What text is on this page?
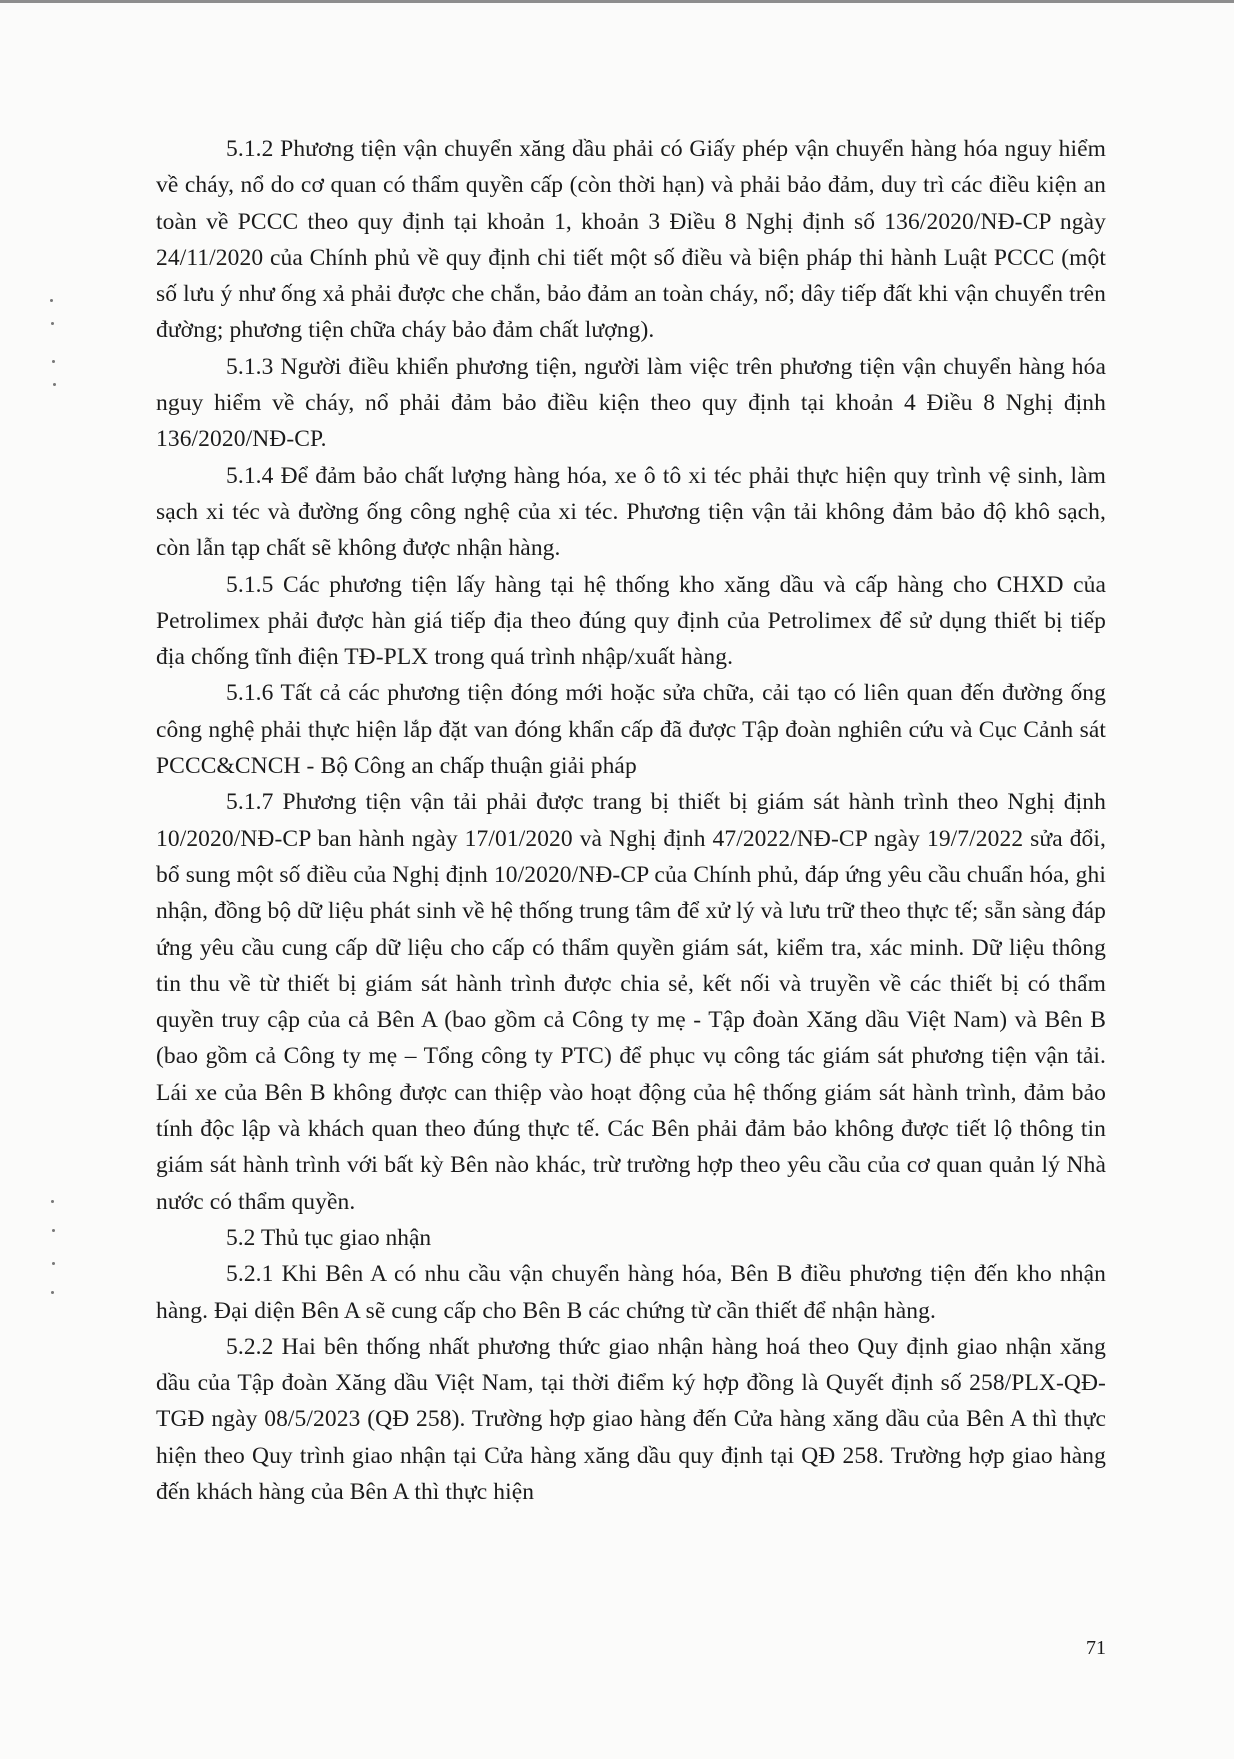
5.1.2 Phương tiện vận chuyển xăng dầu phải có Giấy phép vận chuyển hàng hóa nguy hiểm về cháy, nổ do cơ quan có thẩm quyền cấp (còn thời hạn) và phải bảo đảm, duy trì các điều kiện an toàn về PCCC theo quy định tại khoản 1, khoản 3 Điều 8 Nghị định số 136/2020/NĐ-CP ngày 24/11/2020 của Chính phủ về quy định chi tiết một số điều và biện pháp thi hành Luật PCCC (một số lưu ý như ống xả phải được che chắn, bảo đảm an toàn cháy, nổ; dây tiếp đất khi vận chuyển trên đường; phương tiện chữa cháy bảo đảm chất lượng).

5.1.3 Người điều khiển phương tiện, người làm việc trên phương tiện vận chuyển hàng hóa nguy hiểm về cháy, nổ phải đảm bảo điều kiện theo quy định tại khoản 4 Điều 8 Nghị định 136/2020/NĐ-CP.

5.1.4 Để đảm bảo chất lượng hàng hóa, xe ô tô xi téc phải thực hiện quy trình vệ sinh, làm sạch xi téc và đường ống công nghệ của xi téc. Phương tiện vận tải không đảm bảo độ khô sạch, còn lẫn tạp chất sẽ không được nhận hàng.

5.1.5 Các phương tiện lấy hàng tại hệ thống kho xăng dầu và cấp hàng cho CHXD của Petrolimex phải được hàn giá tiếp địa theo đúng quy định của Petrolimex để sử dụng thiết bị tiếp địa chống tĩnh điện TĐ-PLX trong quá trình nhập/xuất hàng.

5.1.6 Tất cả các phương tiện đóng mới hoặc sửa chữa, cải tạo có liên quan đến đường ống công nghệ phải thực hiện lắp đặt van đóng khẩn cấp đã được Tập đoàn nghiên cứu và Cục Cảnh sát PCCC&CNCH - Bộ Công an chấp thuận giải pháp

5.1.7 Phương tiện vận tải phải được trang bị thiết bị giám sát hành trình theo Nghị định 10/2020/NĐ-CP ban hành ngày 17/01/2020 và Nghị định 47/2022/NĐ-CP ngày 19/7/2022 sửa đổi, bổ sung một số điều của Nghị định 10/2020/NĐ-CP của Chính phủ, đáp ứng yêu cầu chuẩn hóa, ghi nhận, đồng bộ dữ liệu phát sinh về hệ thống trung tâm để xử lý và lưu trữ theo thực tế; sẵn sàng đáp ứng yêu cầu cung cấp dữ liệu cho cấp có thẩm quyền giám sát, kiểm tra, xác minh. Dữ liệu thông tin thu về từ thiết bị giám sát hành trình được chia sẻ, kết nối và truyền về các thiết bị có thẩm quyền truy cập của cả Bên A (bao gồm cả Công ty mẹ - Tập đoàn Xăng dầu Việt Nam) và Bên B (bao gồm cả Công ty mẹ – Tổng công ty PTC) để phục vụ công tác giám sát phương tiện vận tải. Lái xe của Bên B không được can thiệp vào hoạt động của hệ thống giám sát hành trình, đảm bảo tính độc lập và khách quan theo đúng thực tế. Các Bên phải đảm bảo không được tiết lộ thông tin giám sát hành trình với bất kỳ Bên nào khác, trừ trường hợp theo yêu cầu của cơ quan quản lý Nhà nước có thẩm quyền.

5.2 Thủ tục giao nhận

5.2.1 Khi Bên A có nhu cầu vận chuyển hàng hóa, Bên B điều phương tiện đến kho nhận hàng. Đại diện Bên A sẽ cung cấp cho Bên B các chứng từ cần thiết để nhận hàng.

5.2.2 Hai bên thống nhất phương thức giao nhận hàng hoá theo Quy định giao nhận xăng dầu của Tập đoàn Xăng dầu Việt Nam, tại thời điểm ký hợp đồng là Quyết định số 258/PLX-QĐ-TGĐ ngày 08/5/2023 (QĐ 258). Trường hợp giao hàng đến Cửa hàng xăng dầu của Bên A thì thực hiện theo Quy trình giao nhận tại Cửa hàng xăng dầu quy định tại QĐ 258. Trường hợp giao hàng đến khách hàng của Bên A thì thực hiện

71
